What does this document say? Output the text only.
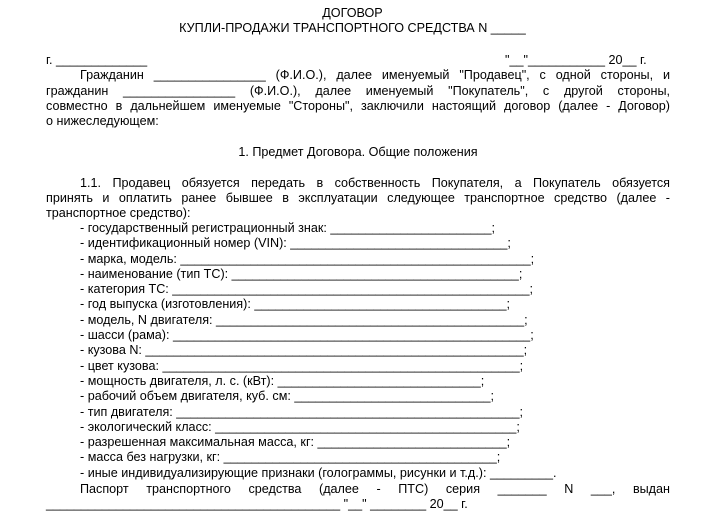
ДОГОВОР
КУПЛИ-ПРОДАЖИ ТРАНСПОРТНОГО СРЕДСТВА N _____
г. _____________	"__"___________ 20__ г.
Гражданин ________________ (Ф.И.О.), далее именуемый "Продавец", с одной стороны, и
гражданин ________________ (Ф.И.О.), далее именуемый "Покупатель", с другой стороны,
совместно в дальнейшем именуемые "Стороны", заключили настоящий договор (далее - Договор)
о нижеследующем:
1. Предмет Договора. Общие положения
1.1. Продавец обязуется передать в собственность Покупателя, а Покупатель обязуется
принять и оплатить ранее бывшее в эксплуатации следующее транспортное средство (далее -
транспортное средство):
- государственный регистрационный знак: _______________________;
- идентификационный номер (VIN): _______________________________;
- марка, модель: __________________________________________________;
- наименование (тип ТС): _________________________________________;
- категория ТС: ___________________________________________________;
- год выпуска (изготовления): ____________________________________;
- модель, N двигателя: ____________________________________________;
- шасси (рама): ___________________________________________________;
- кузова N: ______________________________________________________;
- цвет кузова: ___________________________________________________;
- мощность двигателя, л. с. (кВт): _____________________________;
- рабочий объем двигателя, куб. см: ____________________________;
- тип двигателя: _________________________________________________;
- экологический класс: ___________________________________________;
- разрешенная максимальная масса, кг: ___________________________;
- масса без нагрузки, кг: _______________________________________;
- иные индивидуализирующие признаки (голограммы, рисунки и т.д.): _________.
Паспорт транспортного средства (далее - ПТС) серия _______ N ___, выдан
__________________________________________ "__" ________ 20__ г.
